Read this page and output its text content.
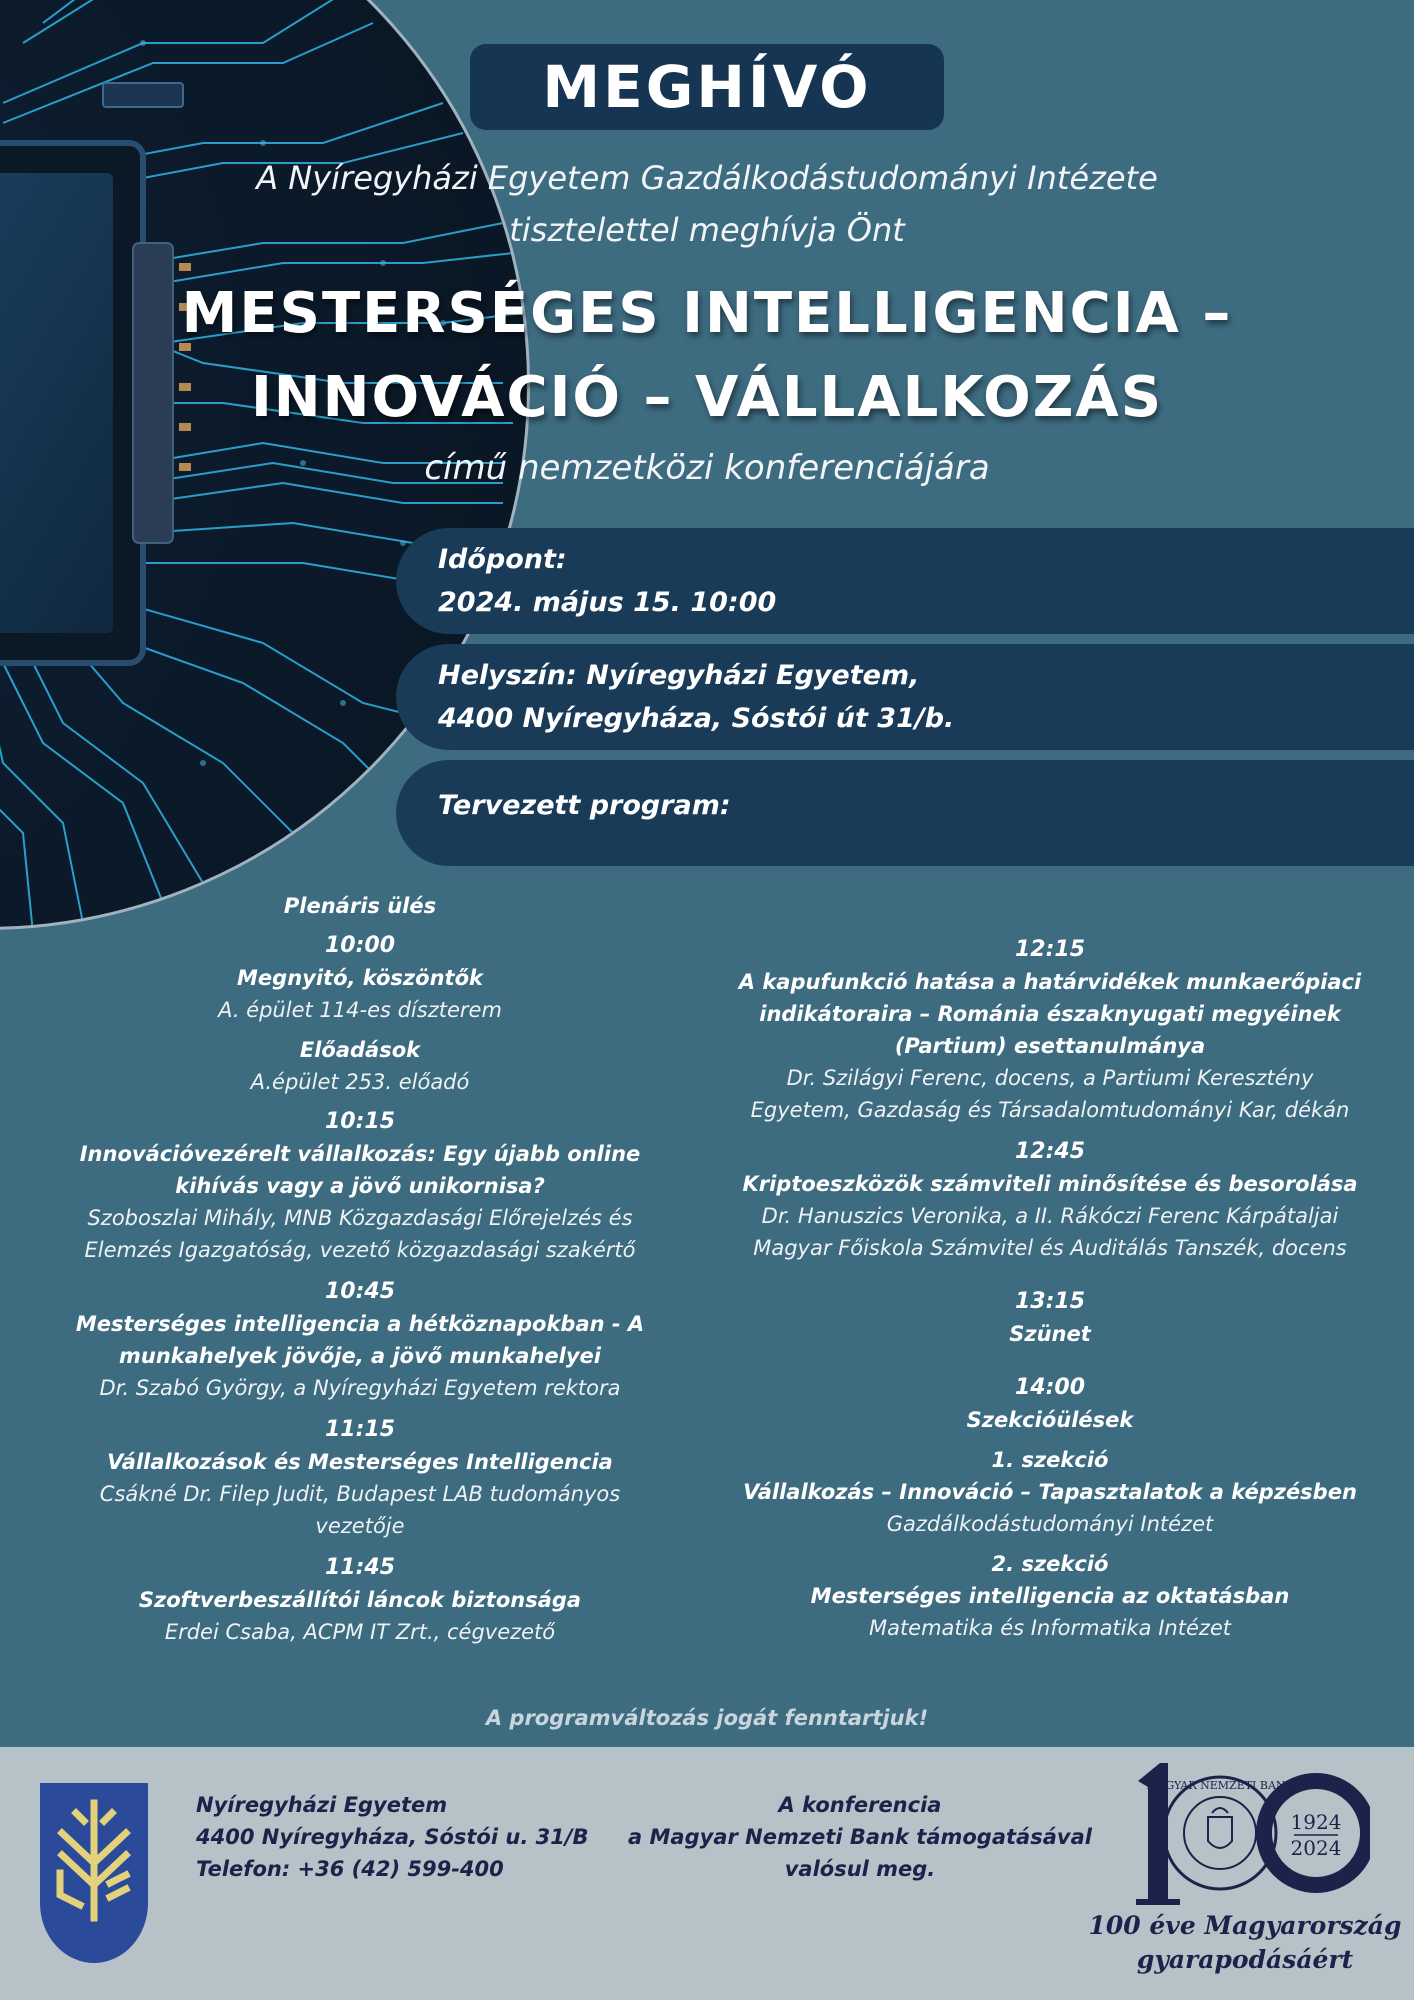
MEGHÍVÓ
A Nyíregyházi Egyetem Gazdálkodástudományi Intézete
tisztelettel meghívja Önt
MESTERSÉGES INTELLIGENCIA –
INNOVÁCIÓ – VÁLLALKOZÁS
című nemzetközi konferenciájára
Időpont:
2024. május 15. 10:00
Helyszín: Nyíregyházi Egyetem,
4400 Nyíregyháza, Sóstói út 31/b.
Tervezett program:
Plenáris ülés
10:00
Megnyitó, köszöntők
A. épület 114-es díszterem
Előadások
A.épület 253. előadó
10:15
Innovációvezérelt vállalkozás: Egy újabb online
kihívás vagy a jövő unikornisa?
Szoboszlai Mihály, MNB Közgazdasági Előrejelzés és
Elemzés Igazgatóság, vezető közgazdasági szakértő
10:45
Mesterséges intelligencia a hétköznapokban - A
munkahelyek jövője, a jövő munkahelyei
Dr. Szabó György, a Nyíregyházi Egyetem rektora
11:15
Vállalkozások és Mesterséges Intelligencia
Csákné Dr. Filep Judit, Budapest LAB tudományos
vezetője
11:45
Szoftverbeszállítói láncok biztonsága
Erdei Csaba, ACPM IT Zrt., cégvezető
12:15
A kapufunkció hatása a határvidékek munkaerőpiaci
indikátoraira – Románia északnyugati megyéinek
(Partium) esettanulmánya
Dr. Szilágyi Ferenc, docens, a Partiumi Keresztény
Egyetem, Gazdaság és Társadalomtudományi Kar, dékán
12:45
Kriptoeszközök számviteli minősítése és besorolása
Dr. Hanuszics Veronika, a II. Rákóczi Ferenc Kárpátaljai
Magyar Főiskola Számvitel és Auditálás Tanszék, docens
13:15
Szünet
14:00
Szekcióülések
1. szekció
Vállalkozás – Innováció – Tapasztalatok a képzésben
Gazdálkodástudományi Intézet
2. szekció
Mesterséges intelligencia az oktatásban
Matematika és Informatika Intézet
A programváltozás jogát fenntartjuk!
Nyíregyházi Egyetem
4400 Nyíregyháza, Sóstói u. 31/B
Telefon: +36 (42) 599-400
A konferencia
a Magyar Nemzeti Bank támogatásával
valósul meg.
MAGYAR NEMZETI BANK
1924
2024
100 éve Magyarország
gyarapodásáért
